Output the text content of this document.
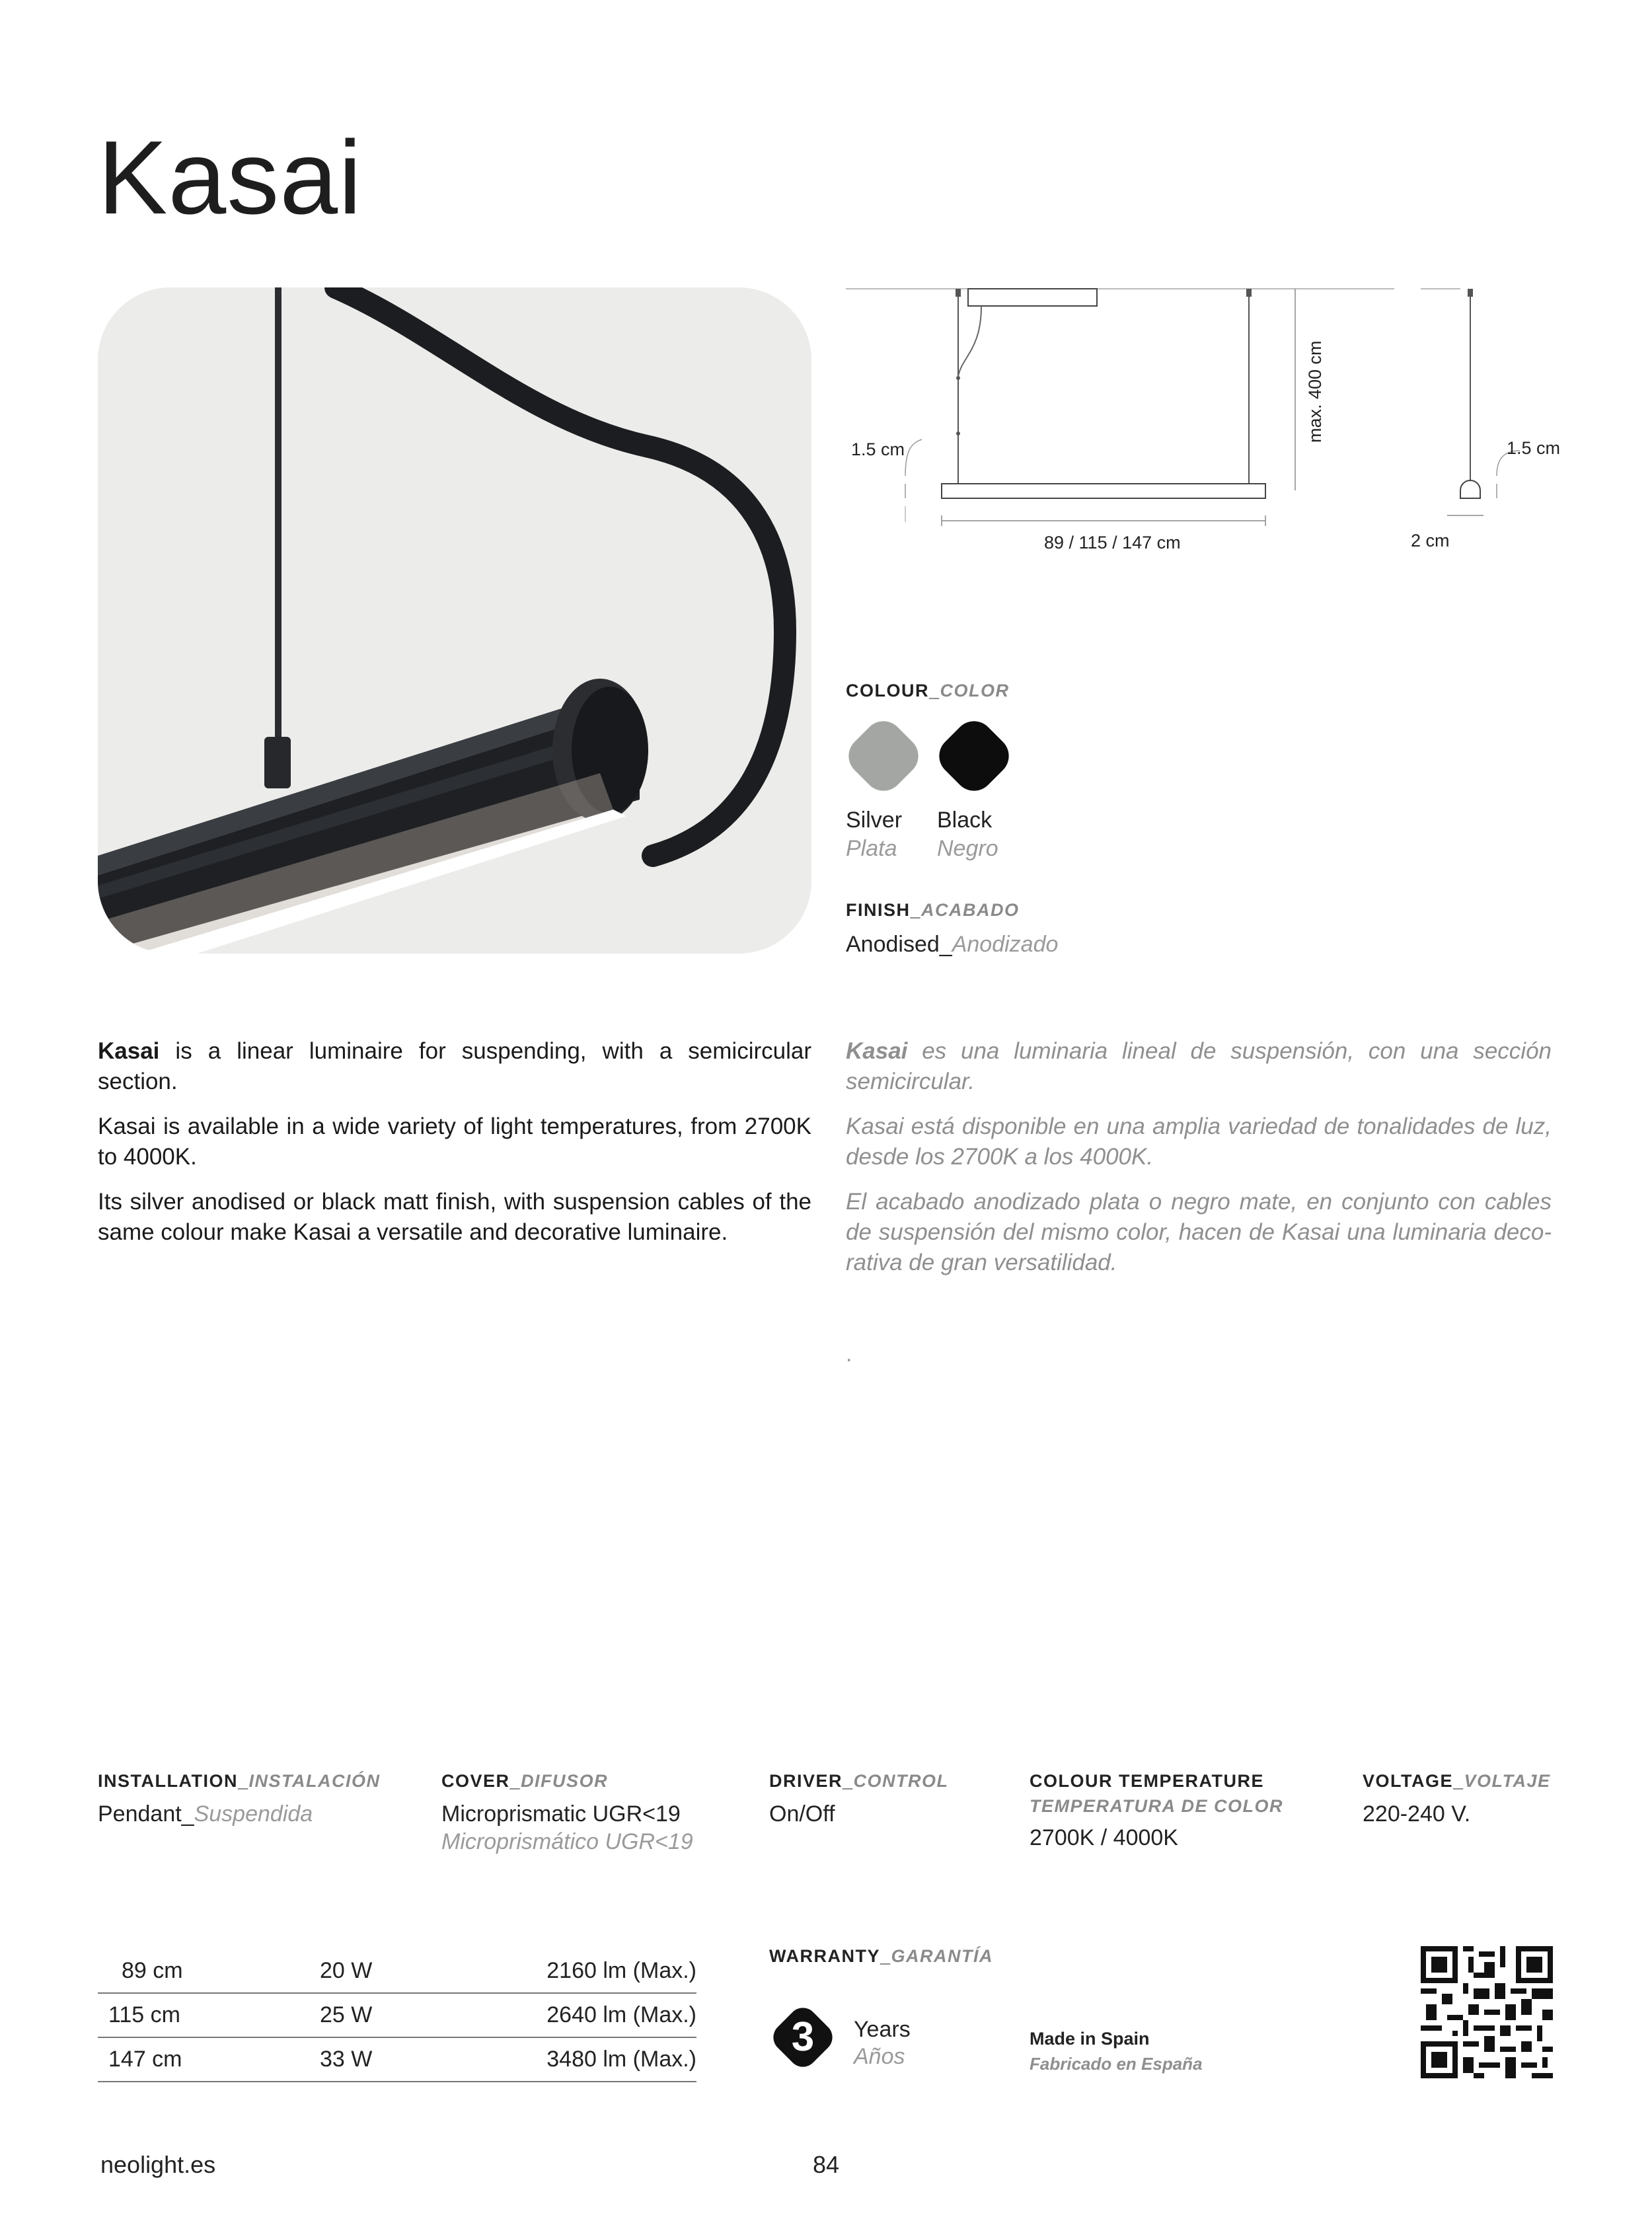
Kasai
max. 400 cm
1.5 cm
89 / 115 / 147 cm
1.5 cm
2 cm
COLOUR_COLOR
Silver
Plata
Black
Negro
FINISH_ACABADO
Anodised_Anodizado

Kasai is a linear luminaire for suspending, with a semicircular section.

Kasai is available in a wide variety of light temperatures, from 2700K to 4000K.

Its silver anodised or black matt finish, with suspension cables of the same colour make Kasai a versatile and decorative luminaire.

Kasai es una luminaria lineal de suspensión, con una sección semicircular.

Kasai está disponible en una amplia variedad de tonalidades de luz, desde los 2700K a los 4000K.

El acabado anodizado plata o negro mate, en conjunto con cables de suspensión del mismo color, hacen de Kasai una luminaria deco-rativa de gran versatilidad.

.
INSTALLATION_INSTALACIÓN
Pendant_Suspendida
COVER_DIFUSOR
Microprismatic UGR<19
Microprismático UGR<19
DRIVER_CONTROL
On/Off
COLOUR TEMPERATURE
TEMPERATURA DE COLOR
2700K / 4000K
VOLTAGE_VOLTAJE
220-240 V.
89 cm	20 W	2160 lm (Max.)
115 cm	25 W	2640 lm (Max.)
147 cm	33 W	3480 lm (Max.)
WARRANTY_GARANTÍA
3	Years
Años
Made in Spain
Fabricado en España
neolight.es	84
